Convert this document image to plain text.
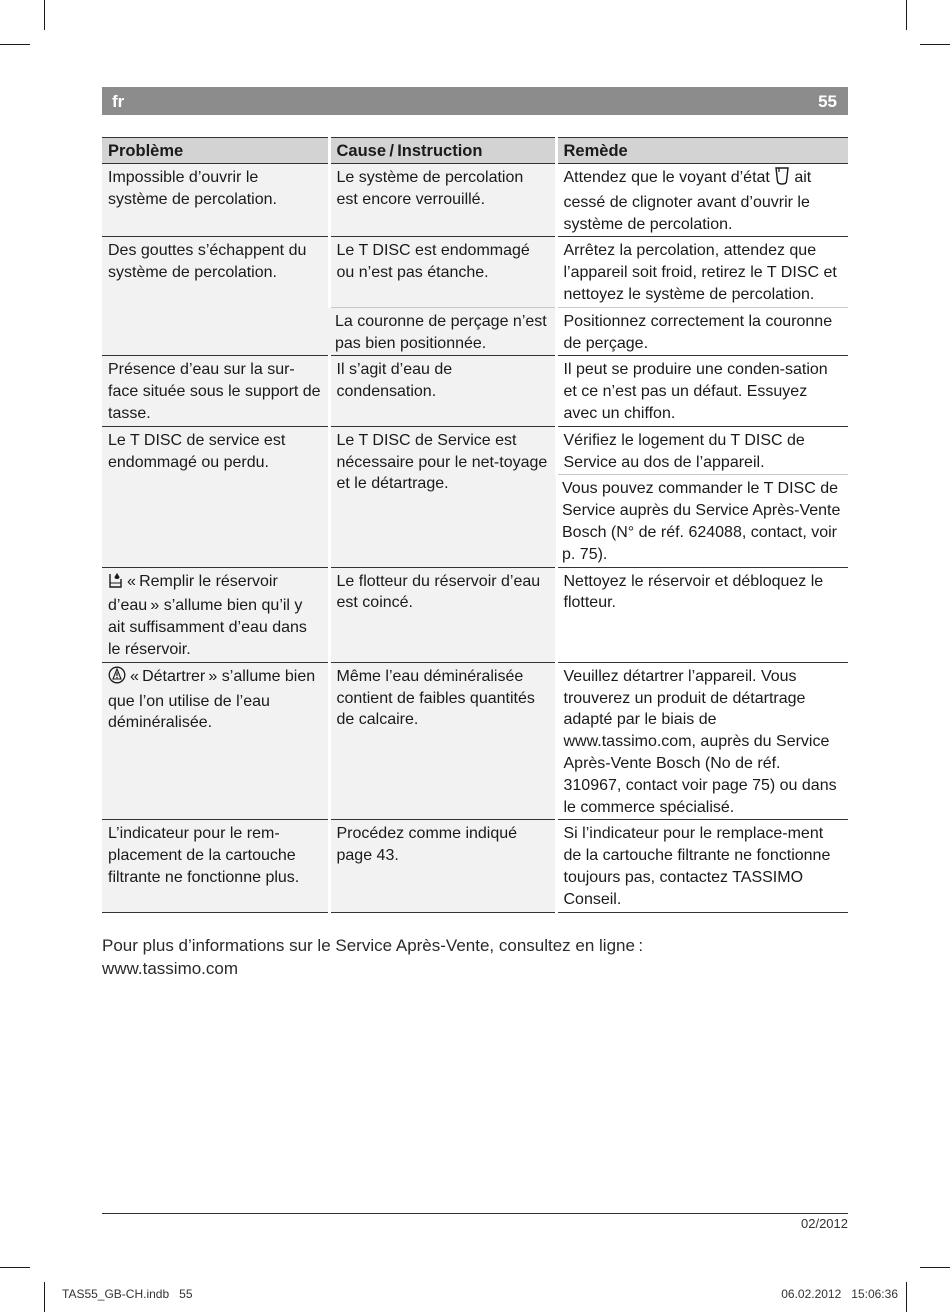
fr	55
Problème	Cause / Instruction	Remède
Impossible d’ouvrir le système de percolation.	Le système de percolation est encore verrouillé.	Attendez que le voyant d’état ait cessé de clignoter avant d’ouvrir le système de percolation.
Des gouttes s’échappent du système de percolation.	Le T DISC est endommagé ou n’est pas étanche.	Arrêtez la percolation, attendez que l’appareil soit froid, retirez le T DISC et nettoyez le système de percolation.
	La couronne de perçage n’est pas bien positionnée.	Positionnez correctement la couronne de perçage.
Présence d’eau sur la sur-face située sous le support de tasse.	Il s’agit d’eau de condensation.	Il peut se produire une conden-sation et ce n’est pas un défaut. Essuyez avec un chiffon.
Le T DISC de service est endommagé ou perdu.	Le T DISC de Service est nécessaire pour le net-toyage et le détartrage.	Vérifiez le logement du T DISC de Service au dos de l’appareil.
		Vous pouvez commander le T DISC de Service auprès du Service Après-Vente Bosch (N° de réf. 624088, contact, voir p. 75).
« Remplir le réservoir d’eau » s’allume bien qu’il y ait suffisamment d’eau dans le réservoir.	Le flotteur du réservoir d’eau est coincé.	Nettoyez le réservoir et débloquez le flotteur.
« Détartrer » s’allume bien que l’on utilise de l’eau déminéralisée.	Même l’eau déminéralisée contient de faibles quantités de calcaire.	Veuillez détartrer l’appareil. Vous trouverez un produit de détartrage adapté par le biais de www.tassimo.com, auprès du Service Après-Vente Bosch (No de réf. 310967, contact voir page 75) ou dans le commerce spécialisé.
L’indicateur pour le rem-placement de la cartouche filtrante ne fonctionne plus.	Procédez comme indiqué page 43.	Si l’indicateur pour le remplace-ment de la cartouche filtrante ne fonctionne toujours pas, contactez TASSIMO Conseil.
Pour plus d’informations sur le Service Après-Vente, consultez en ligne :
www.tassimo.com
02/2012
TAS55_GB-CH.indb   55	06.02.2012   15:06:36
